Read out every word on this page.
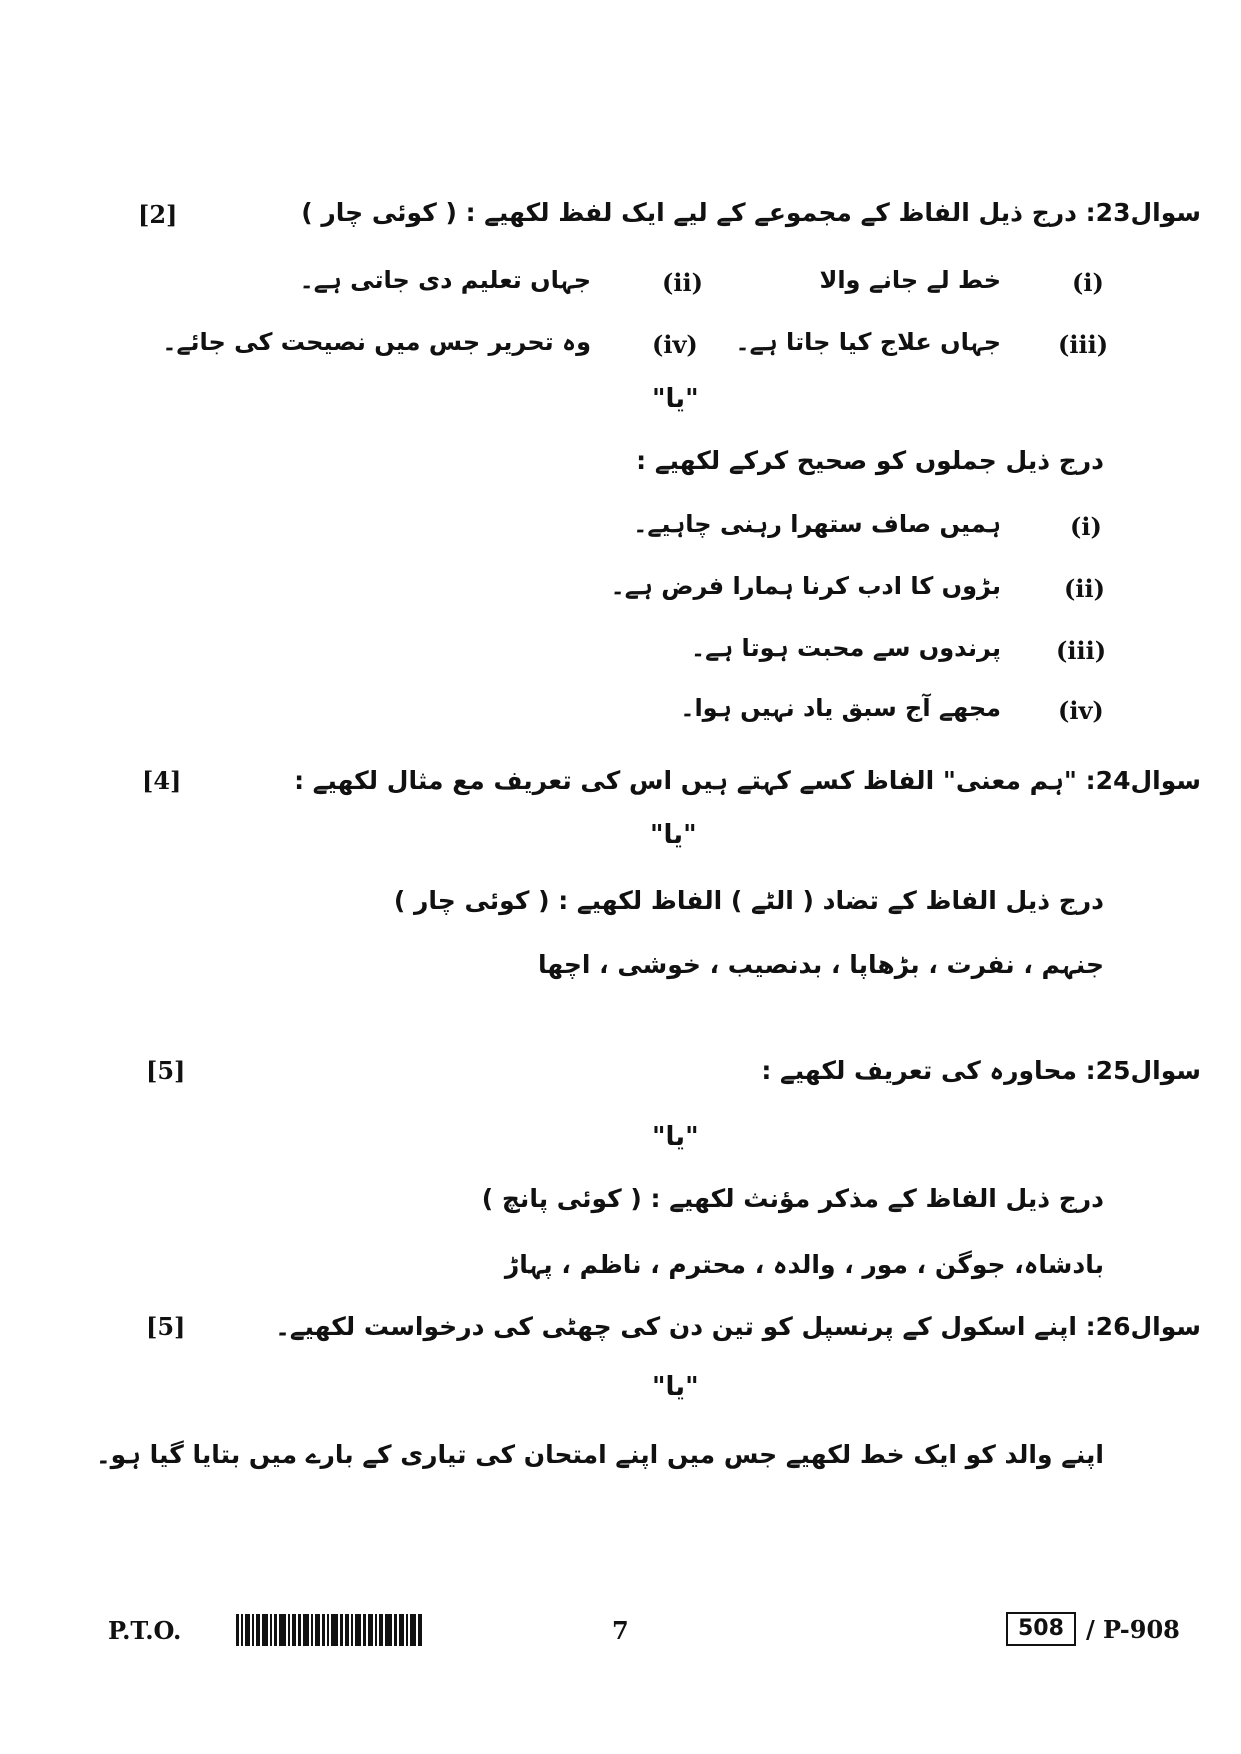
[2]	سوال23: درج ذیل الفاظ کے مجموعے کے لیے ایک لفظ لکھیے : ( کوئی چار )
(i)
خط لے جانے والا
(ii)
جہاں تعلیم دی جاتی ہے۔
(iii)
جہاں علاج کیا جاتا ہے۔
(iv)
وہ تحریر جس میں نصیحت کی جائے۔
"یا"
درج ذیل جملوں کو صحیح کرکے لکھیے :
(i)
ہمیں صاف ستھرا رہنی چاہیے۔
(ii)
بڑوں کا ادب کرنا ہمارا فرض ہے۔
(iii)
پرندوں سے محبت ہوتا ہے۔
(iv)
مجھے آج سبق یاد نہیں ہوا۔
[4]	سوال24: "ہم معنی" الفاظ کسے کہتے ہیں اس کی تعریف مع مثال لکھیے :
"یا"
درج ذیل الفاظ کے تضاد ( الٹے ) الفاظ لکھیے : ( کوئی چار )
جنہم ، نفرت ، بڑھاپا ، بدنصیب ، خوشی ، اچھا
[5]	سوال25: محاورہ کی تعریف لکھیے :
"یا"
درج ذیل الفاظ کے مذکر مؤنث لکھیے : ( کوئی پانچ )
بادشاہ، جوگن ، مور ، والدہ ، محترم ، ناظم ، پہاڑ
[5]	سوال26: اپنے اسکول کے پرنسپل کو تین دن کی چھٹی کی درخواست لکھیے۔
"یا"
اپنے والد کو ایک خط لکھیے جس میں اپنے امتحان کی تیاری کے بارے میں بتایا گیا ہو۔
P.T.O.	7	508 / P-908
